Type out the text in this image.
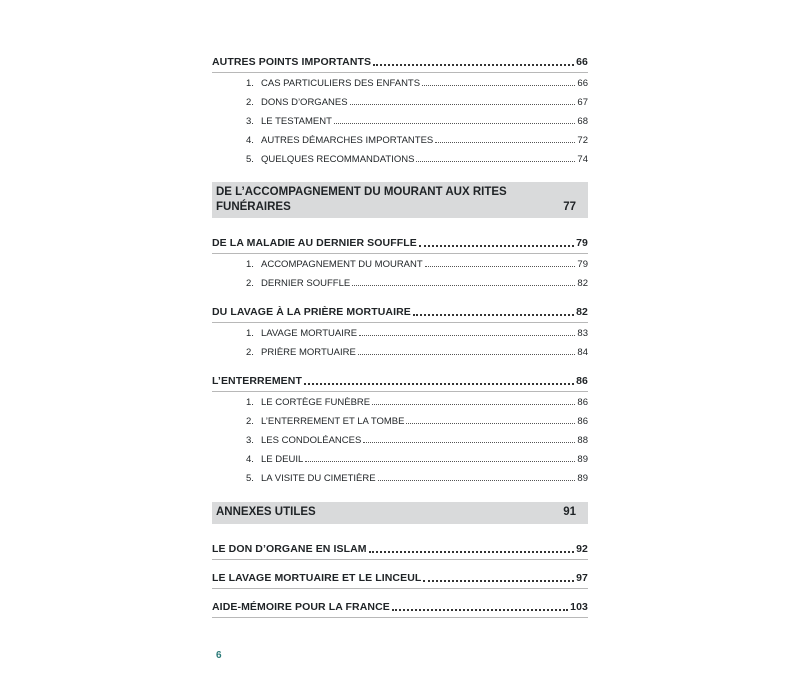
AUTRES POINTS IMPORTANTS	66
1. CAS PARTICULIERS DES ENFANTS	66
2. DONS D’ORGANES	67
3. LE TESTAMENT	68
4. AUTRES DÉMARCHES IMPORTANTES	72
5. QUELQUES RECOMMANDATIONS	74
DE L’ACCOMPAGNEMENT DU MOURANT AUX RITES
FUNÉRAIRES	77
DE LA MALADIE AU DERNIER SOUFFLE	79
1. ACCOMPAGNEMENT DU MOURANT	79
2. DERNIER SOUFFLE	82
DU LAVAGE À LA PRIÈRE MORTUAIRE	82
1. LAVAGE MORTUAIRE	83
2. PRIÈRE MORTUAIRE	84
L’ENTERREMENT	86
1. LE CORTÈGE FUNÈBRE	86
2. L’ENTERREMENT ET LA TOMBE	86
3. LES CONDOLÉANCES	88
4. LE DEUIL	89
5. LA VISITE DU CIMETIÈRE	89
ANNEXES UTILES	91
LE DON D’ORGANE EN ISLAM	92
LE LAVAGE MORTUAIRE ET LE LINCEUL	97
AIDE-MÉMOIRE POUR LA FRANCE	103
6
